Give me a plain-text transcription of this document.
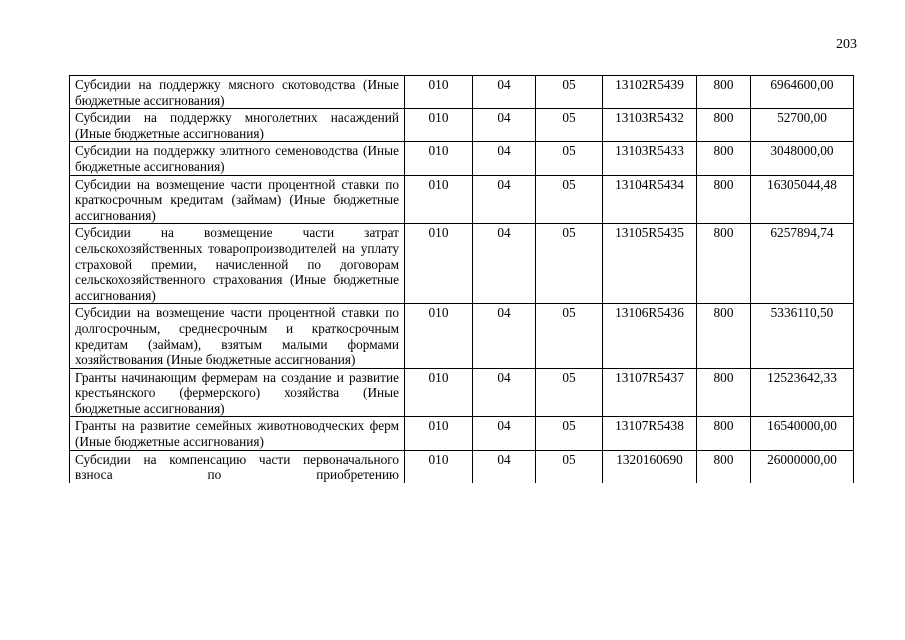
203
Субсидии на поддержку мясного скотоводства (Иные бюджетные ассигнования)	010	04	05	13102R5439	800	6964600,00
Субсидии на поддержку многолетних насаждений (Иные бюджетные ассигнования)	010	04	05	13103R5432	800	52700,00
Субсидии на поддержку элитного семеноводства (Иные бюджетные ассигнования)	010	04	05	13103R5433	800	3048000,00
Субсидии на возмещение части процентной ставки по краткосрочным кредитам (займам) (Иные бюджетные ассигнования)	010	04	05	13104R5434	800	16305044,48
Субсидии на возмещение части затрат сельскохозяйственных товаропроизводителей на уплату страховой премии, начисленной по договорам сельскохозяйственного страхования (Иные бюджетные ассигнования)	010	04	05	13105R5435	800	6257894,74
Субсидии на возмещение части процентной ставки по долгосрочным, среднесрочным и краткосрочным кредитам (займам), взятым малыми формами хозяйствования (Иные бюджетные ассигнования)	010	04	05	13106R5436	800	5336110,50
Гранты начинающим фермерам на создание и развитие крестьянского (фермерского) хозяйства (Иные бюджетные ассигнования)	010	04	05	13107R5437	800	12523642,33
Гранты на развитие семейных животноводческих ферм (Иные бюджетные ассигнования)	010	04	05	13107R5438	800	16540000,00
Субсидии на компенсацию части первоначального взноса по приобретению	010	04	05	1320160690	800	26000000,00
